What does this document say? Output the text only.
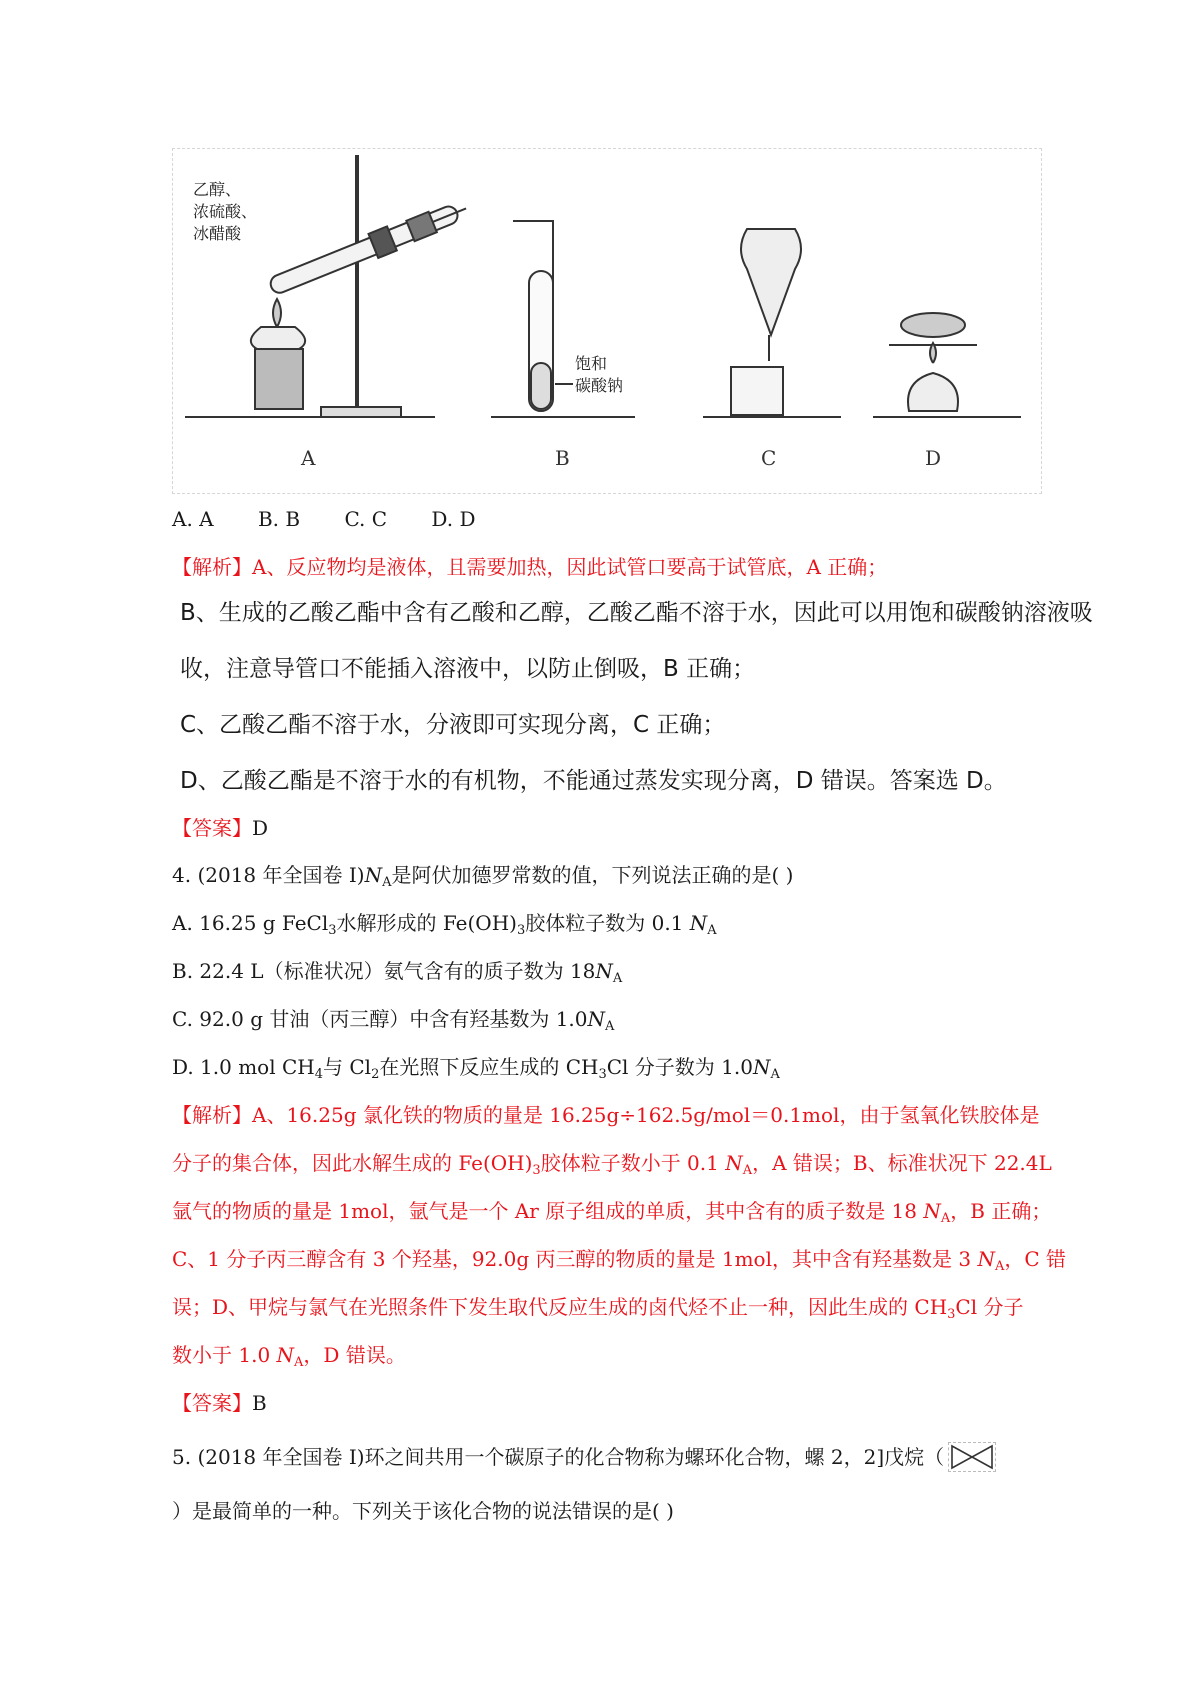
乙醇、
浓硫酸、
冰醋酸
饱和
碳酸钠
A	B	C	D
A. A B. B C. C D. D
【解析】A、反应物均是液体，且需要加热，因此试管口要高于试管底，A 正确；
B、生成的乙酸乙酯中含有乙酸和乙醇，乙酸乙酯不溶于水，因此可以用饱和碳酸钠溶液吸
收，注意导管口不能插入溶液中，以防止倒吸，B 正确；
C、乙酸乙酯不溶于水，分液即可实现分离，C 正确；
D、乙酸乙酯是不溶于水的有机物，不能通过蒸发实现分离，D 错误。答案选 D。
【答案】D
4. (2018 年全国卷 $I)N_A$是阿伏加德罗常数的值，下列说法正确的是( )
A. 16.25 g FeCl$_3$水解形成的 $Fe(OH)_3$胶体粒子数为 0.1 $N_A$
B. 22.4 L（标准状况）氨气含有的质子数为 $18N_A$
C. 92.0 g 甘油（丙三醇）中含有羟基数为 $1.0N_A$
D. 1.0 mol $CH_4$与 $Cl_2$在光照下反应生成的 $CH_3Cl$ 分子数为 $1.0N_A$
【解析】A、16.25g 氯化铁的物质的量是 16.25g÷162.5g/mol＝0.1mol，由于氢氧化铁胶体是
分子的集合体，因此水解生成的 $Fe(OH)_3$胶体粒子数小于 0.1 $N_A$，A 错误；B、标准状况下 22.4L
氩气的物质的量是 1mol，氩气是一个 Ar 原子组成的单质，其中含有的质子数是 18 $N_A$，B 正确；
C、1 分子丙三醇含有 3 个羟基，92.0g 丙三醇的物质的量是 1mol，其中含有羟基数是 3 $N_A$，C 错
误；D、甲烷与氯气在光照条件下发生取代反应生成的卤代烃不止一种，因此生成的 $CH_3Cl$ 分子
数小于 1.0 $N_A$，D 错误。
【答案】B
5. (2018 年全国卷 I)环之间共用一个碳原子的化合物称为螺环化合物，螺 2，2]戊烷（
）是最简单的一种。下列关于该化合物的说法错误的是( )
